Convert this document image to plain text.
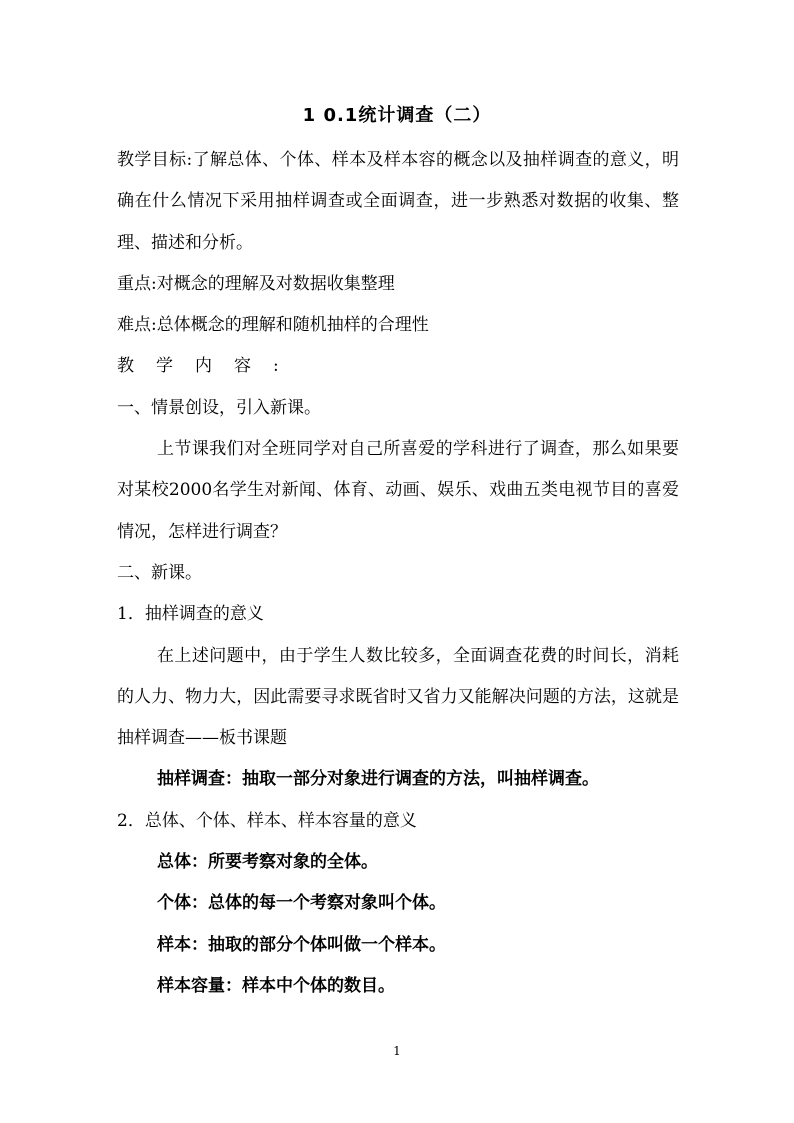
1 0.1统计调查（二）

教学目标:了解总体、个体、样本及样本容的概念以及抽样调查的意义，明确在什么情况下采用抽样调查或全面调查，进一步熟悉对数据的收集、整理、描述和分析。

重点:对概念的理解及对数据收集整理

难点:总体概念的理解和随机抽样的合理性

教学内容:

一、情景创设，引入新课。

上节课我们对全班同学对自己所喜爱的学科进行了调查，那么如果要对某校2000名学生对新闻、体育、动画、娱乐、戏曲五类电视节目的喜爱情况，怎样进行调查？

二、新课。

1．抽样调查的意义

在上述问题中，由于学生人数比较多，全面调查花费的时间长，消耗的人力、物力大，因此需要寻求既省时又省力又能解决问题的方法，这就是抽样调查——板书课题

抽样调查：抽取一部分对象进行调查的方法，叫抽样调查。

2．总体、个体、样本、样本容量的意义

总体：所要考察对象的全体。

个体：总体的每一个考察对象叫个体。

样本：抽取的部分个体叫做一个样本。

样本容量：样本中个体的数目。

1
